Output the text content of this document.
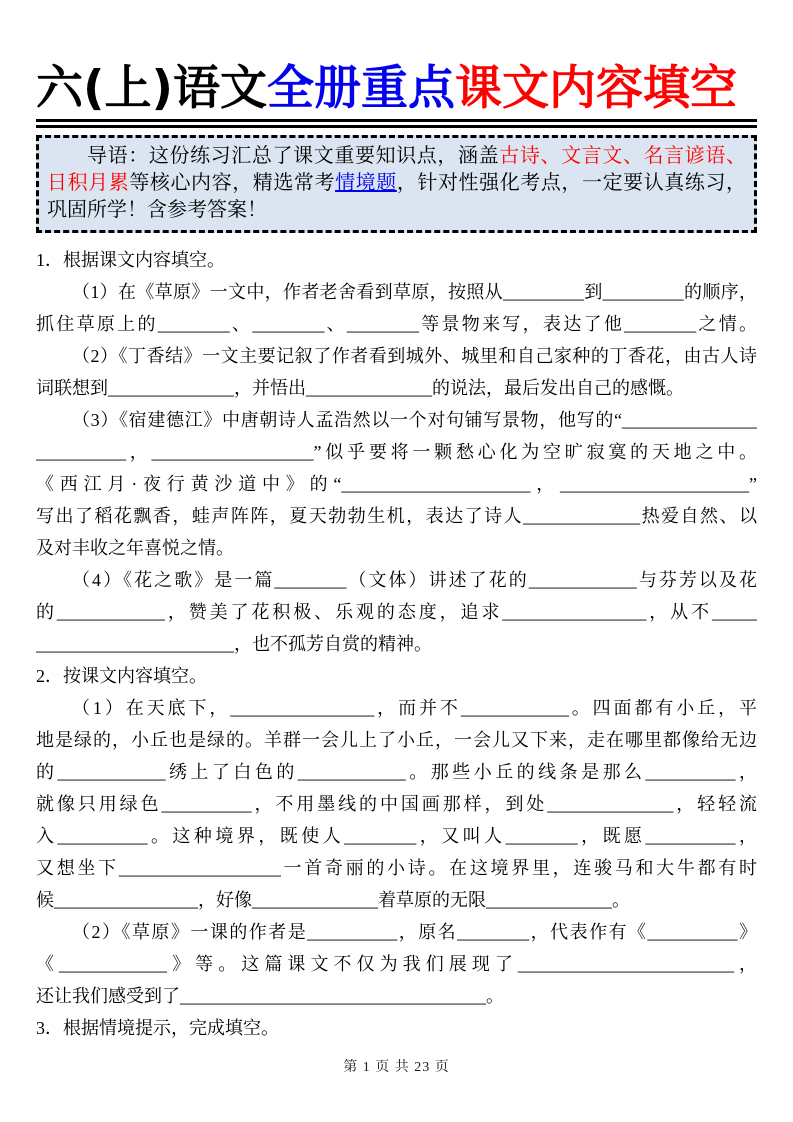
六(上)语文全册重点课文内容填空
导语：这份练习汇总了课文重要知识点，涵盖古诗、文言文、名言谚语、
日积月累等核心内容，精选常考情境题，针对性强化考点，一定要认真练习，
巩固所学！含参考答案！
1．根据课文内容填空。
（1）在《草原》一文中，作者老舍看到草原，按照从_________到_________的顺序，
抓住草原上的________、________、________等景物来写，表达了他________之情。
（2）《丁香结》一文主要记叙了作者看到城外、城里和自己家种的丁香花，由古人诗
词联想到______________，并悟出______________的说法，最后发出自己的感慨。
（3）《宿建德江》中唐朝诗人孟浩然以一个对句铺写景物，他写的“_______________
__________，__________________”似乎要将一颗愁心化为空旷寂寞的天地之中。
《西江月·夜行黄沙道中》的“_____________________，_____________________”
写出了稻花飘香，蛙声阵阵，夏天勃勃生机，表达了诗人_____________热爱自然、以
及对丰收之年喜悦之情。
（4）《花之歌》是一篇________（文体）讲述了花的____________与芬芳以及花
的____________，赞美了花积极、乐观的态度，追求________________，从不_____
______________________，也不孤芳自赏的精神。
2．按课文内容填空。
（1）在天底下，________________，而并不____________。四面都有小丘，平
地是绿的，小丘也是绿的。羊群一会儿上了小丘，一会儿又下来，走在哪里都像给无边
的____________绣上了白色的____________。那些小丘的线条是那么__________，
就像只用绿色__________，不用墨线的中国画那样，到处______________，轻轻流
入__________。这种境界，既使人________，又叫人________，既愿__________，
又想坐下__________________一首奇丽的小诗。在这境界里，连骏马和大牛都有时
候________________，好像______________着草原的无限______________。
（2）《草原》一课的作者是__________，原名________，代表作有《__________》
《____________》等。这篇课文不仅为我们展现了________________________，
还让我们感受到了__________________________________。
3．根据情境提示，完成填空。
第 1 页 共 23 页
